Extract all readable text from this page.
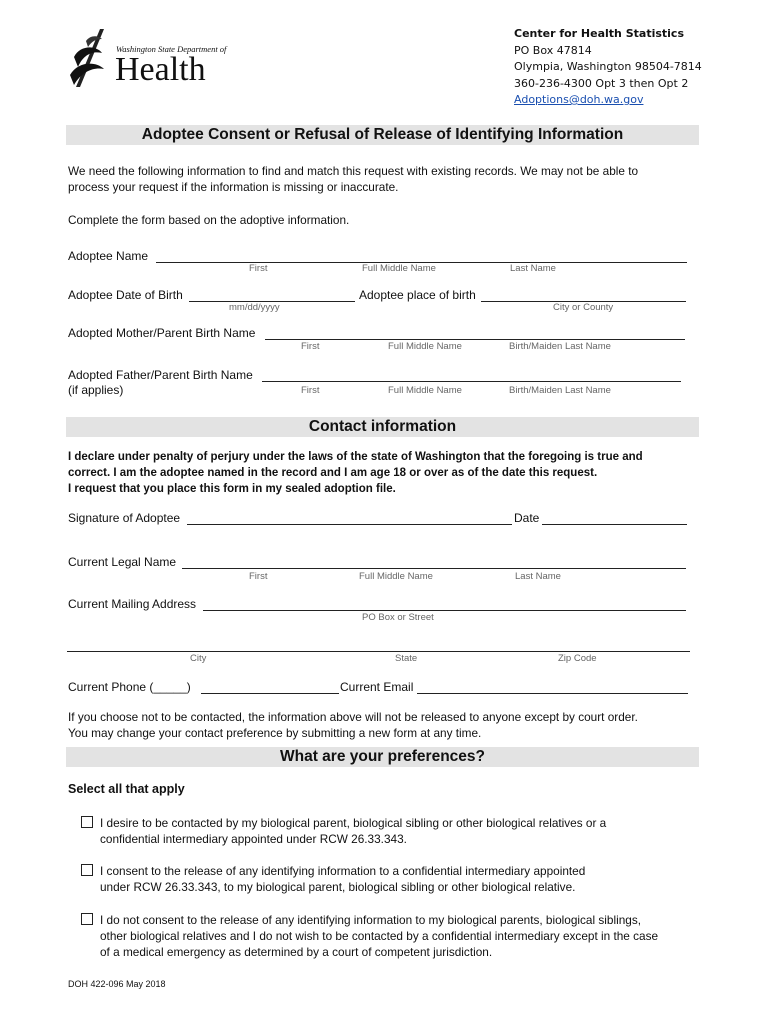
Washington State Department of
Health
Center for Health Statistics
PO Box 47814
Olympia, Washington 98504-7814
360-236-4300 Opt 3 then Opt 2
Adoptions@doh.wa.gov
Adoptee Consent or Refusal of Release of Identifying Information
We need the following information to find and match this request with existing records. We may not be able to
process your request if the information is missing or inaccurate.
Complete the form based on the adoptive information.
Adoptee Name
First	Full Middle Name	Last Name
Adoptee Date of Birth
mm/dd/yyyy
Adoptee place of birth
City or County
Adopted Mother/Parent Birth Name
First	Full Middle Name	Birth/Maiden Last Name
Adopted Father/Parent Birth Name
(if applies)	First	Full Middle Name	Birth/Maiden Last Name
Contact information
I declare under penalty of perjury under the laws of the state of Washington that the foregoing is true and
correct. I am the adoptee named in the record and I am age 18 or over as of the date this request.
I request that you place this form in my sealed adoption file.
Signature of Adoptee	Date
Current Legal Name
First	Full Middle Name	Last Name
Current Mailing Address
PO Box or Street
City	State	Zip Code
Current Phone (_____)	Current Email
If you choose not to be contacted, the information above will not be released to anyone except by court order.
You may change your contact preference by submitting a new form at any time.
What are your preferences?
Select all that apply
I desire to be contacted by my biological parent, biological sibling or other biological relatives or a
confidential intermediary appointed under RCW 26.33.343.
I consent to the release of any identifying information to a confidential intermediary appointed
under RCW 26.33.343, to my biological parent, biological sibling or other biological relative.
I do not consent to the release of any identifying information to my biological parents, biological siblings,
other biological relatives and I do not wish to be contacted by a confidential intermediary except in the case
of a medical emergency as determined by a court of competent jurisdiction.
DOH 422-096 May 2018
